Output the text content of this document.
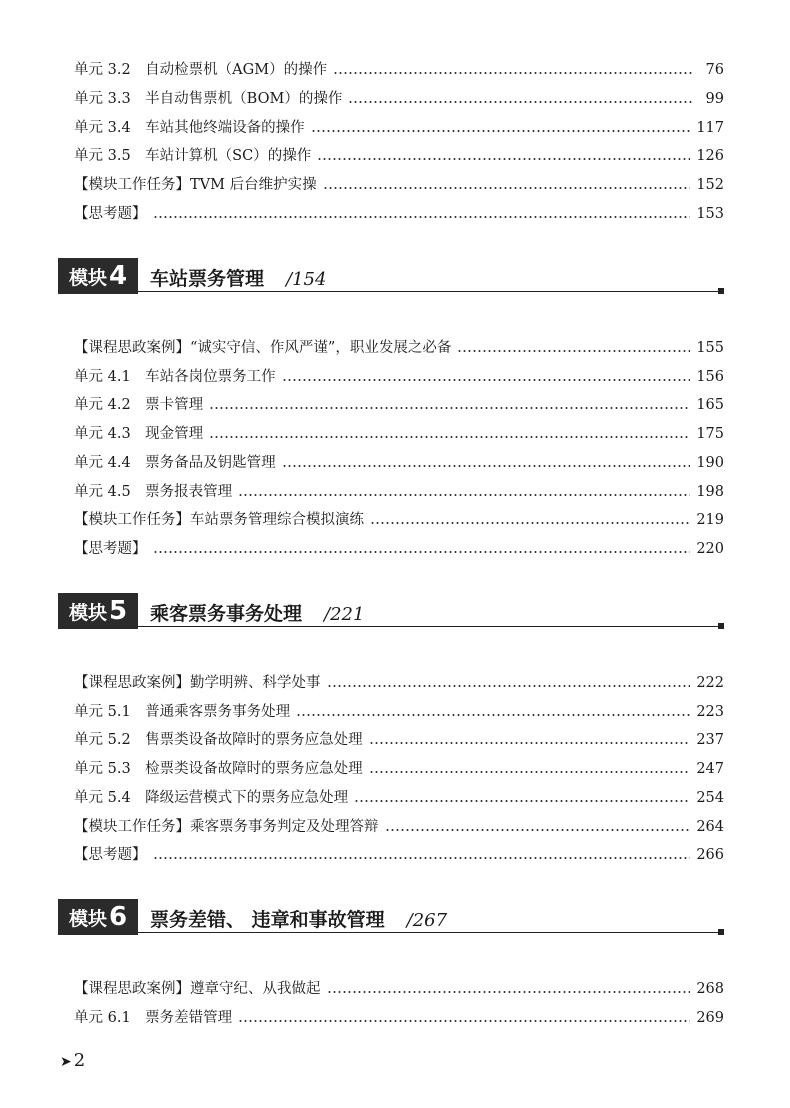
单元 3.2　自动检票机（AGM）的操作	76
单元 3.3　半自动售票机（BOM）的操作	99
单元 3.4　车站其他终端设备的操作	117
单元 3.5　车站计算机（SC）的操作	126
【模块工作任务】TVM 后台维护实操	152
【思考题】	153
模块 4 车站票务管理 /154
【课程思政案例】“诚实守信、作风严谨”，职业发展之必备	155
单元 4.1　车站各岗位票务工作	156
单元 4.2　票卡管理	165
单元 4.3　现金管理	175
单元 4.4　票务备品及钥匙管理	190
单元 4.5　票务报表管理	198
【模块工作任务】车站票务管理综合模拟演练	219
【思考题】	220
模块 5 乘客票务事务处理 /221
【课程思政案例】勤学明辨、科学处事	222
单元 5.1　普通乘客票务事务处理	223
单元 5.2　售票类设备故障时的票务应急处理	237
单元 5.3　检票类设备故障时的票务应急处理	247
单元 5.4　降级运营模式下的票务应急处理	254
【模块工作任务】乘客票务事务判定及处理答辩	264
【思考题】	266
模块 6 票务差错、 违章和事故管理 /267
【课程思政案例】遵章守纪、从我做起	268
单元 6.1　票务差错管理	269
➤ 2
